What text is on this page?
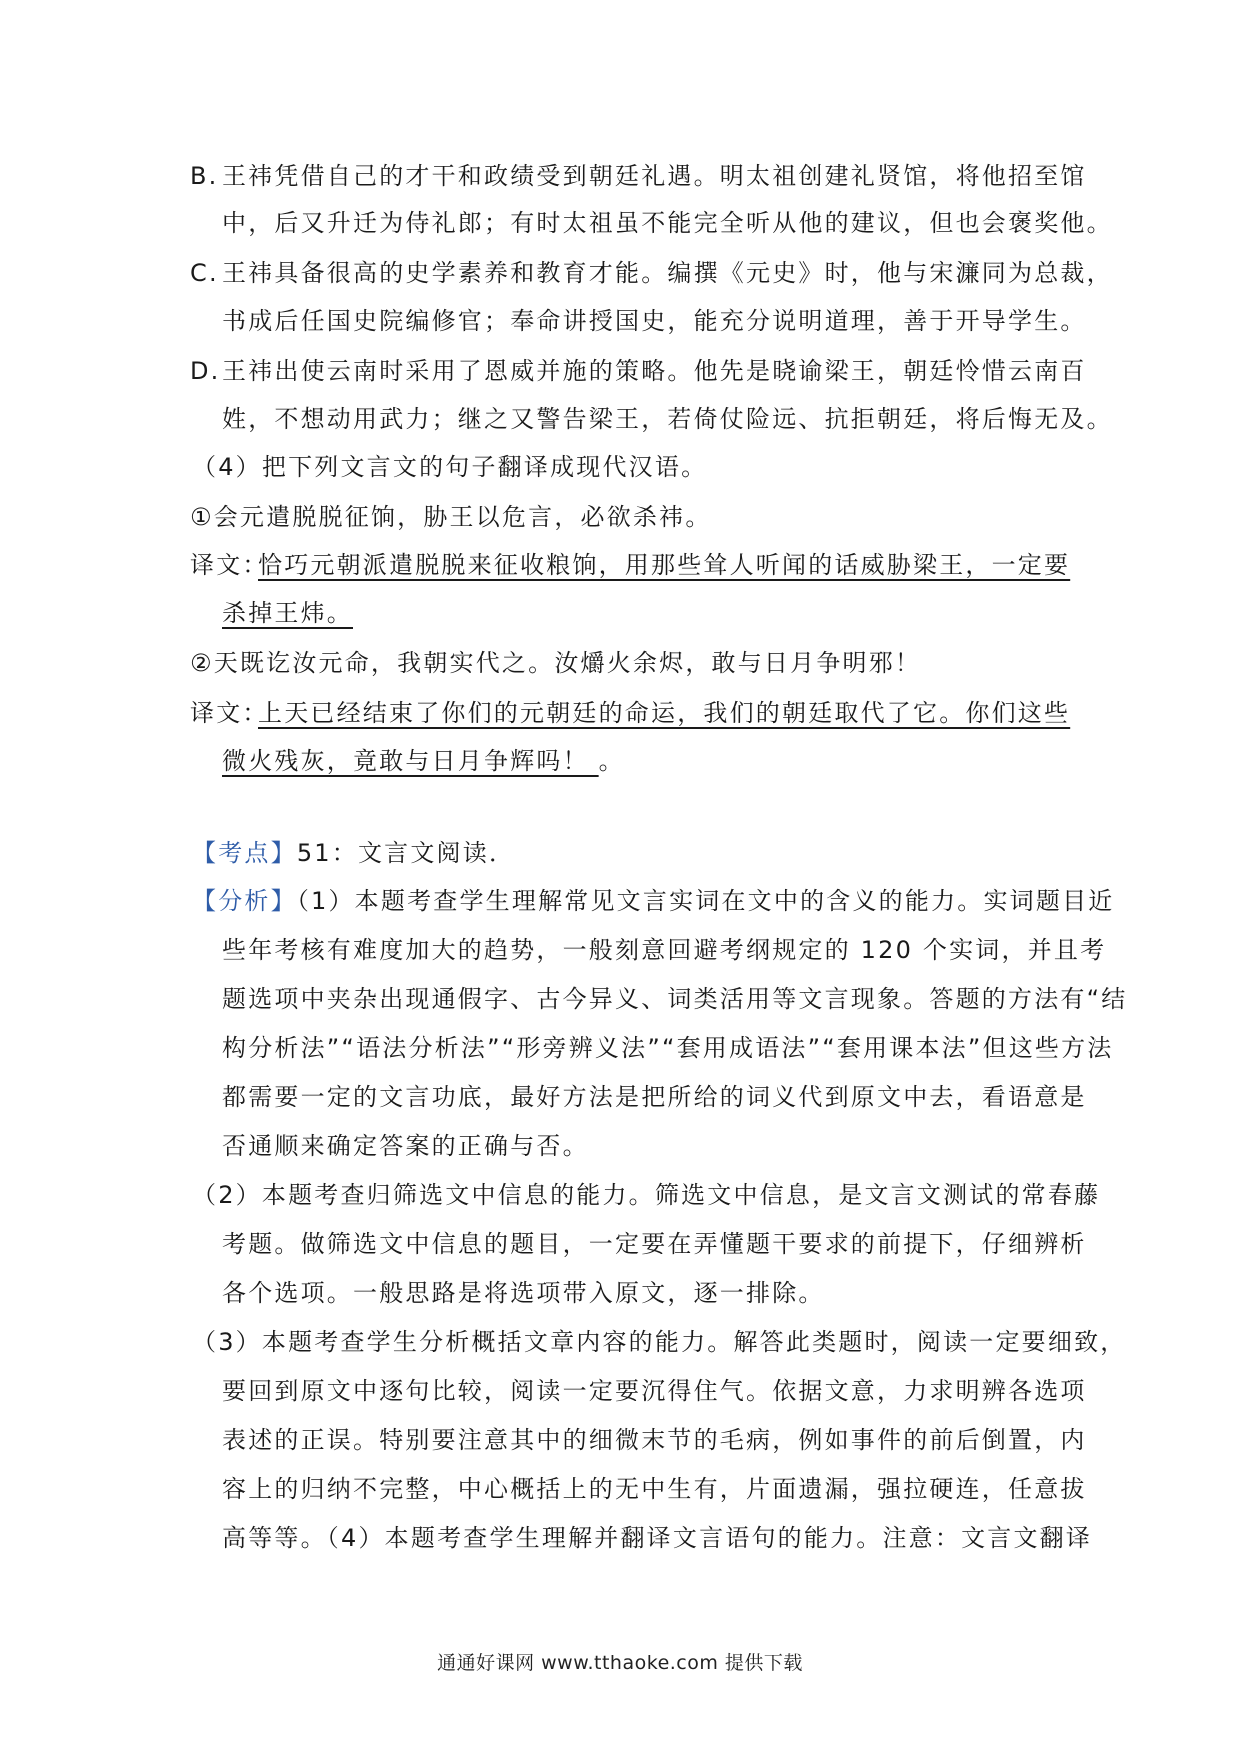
B. 王祎凭借自己的才干和政绩受到朝廷礼遇。明太祖创建礼贤馆，将他招至馆
中，后又升迁为侍礼郎；有时太祖虽不能完全听从他的建议，但也会褒奖他。
C. 王祎具备很高的史学素养和教育才能。编撰《元史》时，他与宋濂同为总裁，
书成后任国史院编修官；奉命讲授国史，能充分说明道理，善于开导学生。
D. 王祎出使云南时采用了恩威并施的策略。他先是晓谕梁王，朝廷怜惜云南百
姓，不想动用武力；继之又警告梁王，若倚仗险远、抗拒朝廷，将后悔无及。
（4）把下列文言文的句子翻译成现代汉语。
①会元遣脱脱征饷，胁王以危言，必欲杀祎。
译文：
恰巧元朝派遣脱脱来征收粮饷，用那些耸人听闻的话威胁梁王，一定要
杀掉王炜。
②天既讫汝元命，我朝实代之。汝爝火余烬，敢与日月争明邪！
译文：
上天已经结束了你们的元朝廷的命运，我们的朝廷取代了它。你们这些
微火残灰，竟敢与日月争辉吗！ 。
【考点】51：文言文阅读．
【分析】（1）本题考查学生理解常见文言实词在文中的含义的能力。实词题目近
些年考核有难度加大的趋势，一般刻意回避考纲规定的 120 个实词，并且考
题选项中夹杂出现通假字、古今异义、词类活用等文言现象。答题的方法有“结
构分析法”“语法分析法”“形旁辨义法”“套用成语法”“套用课本法”但这些方法
都需要一定的文言功底，最好方法是把所给的词义代到原文中去，看语意是
否通顺来确定答案的正确与否。
（2）本题考查归筛选文中信息的能力。筛选文中信息，是文言文测试的常春藤
考题。做筛选文中信息的题目，一定要在弄懂题干要求的前提下，仔细辨析
各个选项。一般思路是将选项带入原文，逐一排除。
（3）本题考查学生分析概括文章内容的能力。解答此类题时，阅读一定要细致，
要回到原文中逐句比较，阅读一定要沉得住气。依据文意，力求明辨各选项
表述的正误。特别要注意其中的细微末节的毛病，例如事件的前后倒置，内
容上的归纳不完整，中心概括上的无中生有，片面遗漏，强拉硬连，任意拔
高等等。（4）本题考查学生理解并翻译文言语句的能力。注意：文言文翻译
通通好课网 www.tthaoke.com 提供下载
